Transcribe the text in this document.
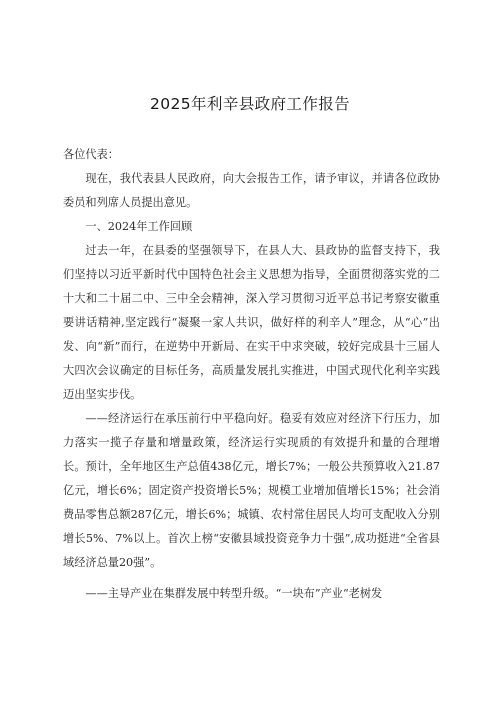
2025年利辛县政府工作报告

各位代表：

现在，我代表县人民政府，向大会报告工作，请予审议，并请各位政协委员和列席人员提出意见。

一、2024年工作回顾

过去一年，在县委的坚强领导下，在县人大、县政协的监督支持下，我们坚持以习近平新时代中国特色社会主义思想为指导，全面贯彻落实党的二十大和二十届二中、三中全会精神，深入学习贯彻习近平总书记考察安徽重要讲话精神,坚定践行“凝聚一家人共识，做好样的利辛人”理念，从“心”出发、向“新”而行，在逆势中开新局、在实干中求突破，较好完成县十三届人大四次会议确定的目标任务，高质量发展扎实推进，中国式现代化利辛实践迈出坚实步伐。

——经济运行在承压前行中平稳向好。稳妥有效应对经济下行压力，加力落实一揽子存量和增量政策，经济运行实现质的有效提升和量的合理增长。预计，全年地区生产总值438亿元，增长7%；一般公共预算收入21.87亿元，增长6%；固定资产投资增长5%；规模工业增加值增长15%；社会消费品零售总额287亿元，增长6%；城镇、农村常住居民人均可支配收入分别增长5%、7%以上。首次上榜“安徽县域投资竞争力十强”,成功挺进“全省县域经济总量20强”。

——主导产业在集群发展中转型升级。“一块布”产业“老树发
